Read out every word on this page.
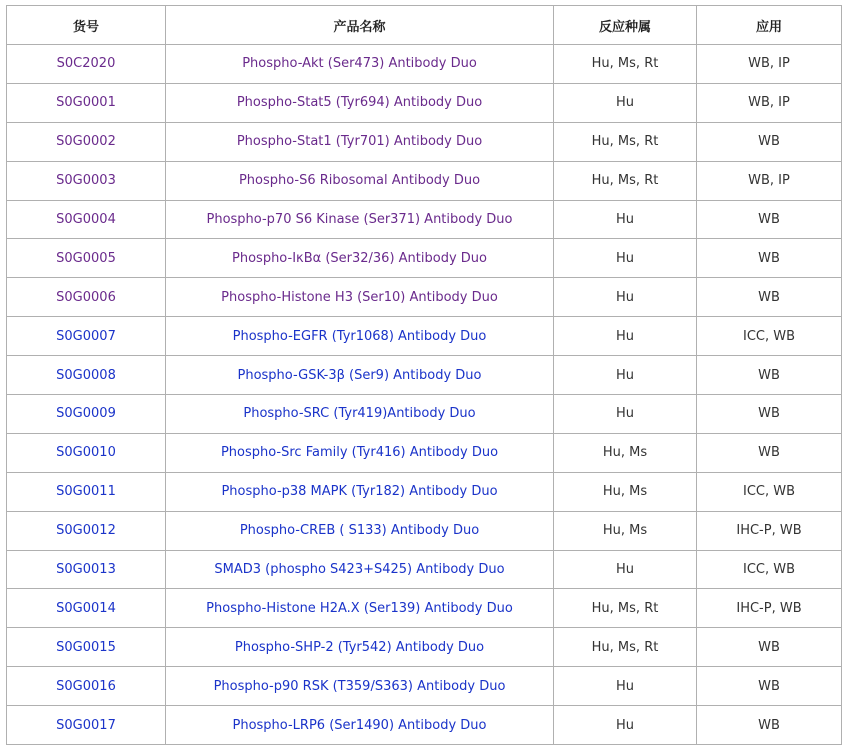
货号	产品名称	反应种属	应用
S0C2020	Phospho-Akt (Ser473) Antibody Duo	Hu, Ms, Rt	WB, IP
S0G0001	Phospho-Stat5 (Tyr694) Antibody Duo	Hu	WB, IP
S0G0002	Phospho-Stat1 (Tyr701) Antibody Duo	Hu, Ms, Rt	WB
S0G0003	Phospho-S6 Ribosomal Antibody Duo	Hu, Ms, Rt	WB, IP
S0G0004	Phospho-p70 S6 Kinase (Ser371) Antibody Duo	Hu	WB
S0G0005	Phospho-IκBα (Ser32/36) Antibody Duo	Hu	WB
S0G0006	Phospho-Histone H3 (Ser10) Antibody Duo	Hu	WB
S0G0007	Phospho-EGFR (Tyr1068) Antibody Duo	Hu	ICC, WB
S0G0008	Phospho-GSK-3β (Ser9) Antibody Duo	Hu	WB
S0G0009	Phospho-SRC (Tyr419)Antibody Duo	Hu	WB
S0G0010	Phospho-Src Family (Tyr416) Antibody Duo	Hu, Ms	WB
S0G0011	Phospho-p38 MAPK (Tyr182) Antibody Duo	Hu, Ms	ICC, WB
S0G0012	Phospho-CREB ( S133) Antibody Duo	Hu, Ms	IHC-P, WB
S0G0013	SMAD3 (phospho S423+S425) Antibody Duo	Hu	ICC, WB
S0G0014	Phospho-Histone H2A.X (Ser139) Antibody Duo	Hu, Ms, Rt	IHC-P, WB
S0G0015	Phospho-SHP-2 (Tyr542) Antibody Duo	Hu, Ms, Rt	WB
S0G0016	Phospho-p90 RSK (T359/S363) Antibody Duo	Hu	WB
S0G0017	Phospho-LRP6 (Ser1490) Antibody Duo	Hu	WB
